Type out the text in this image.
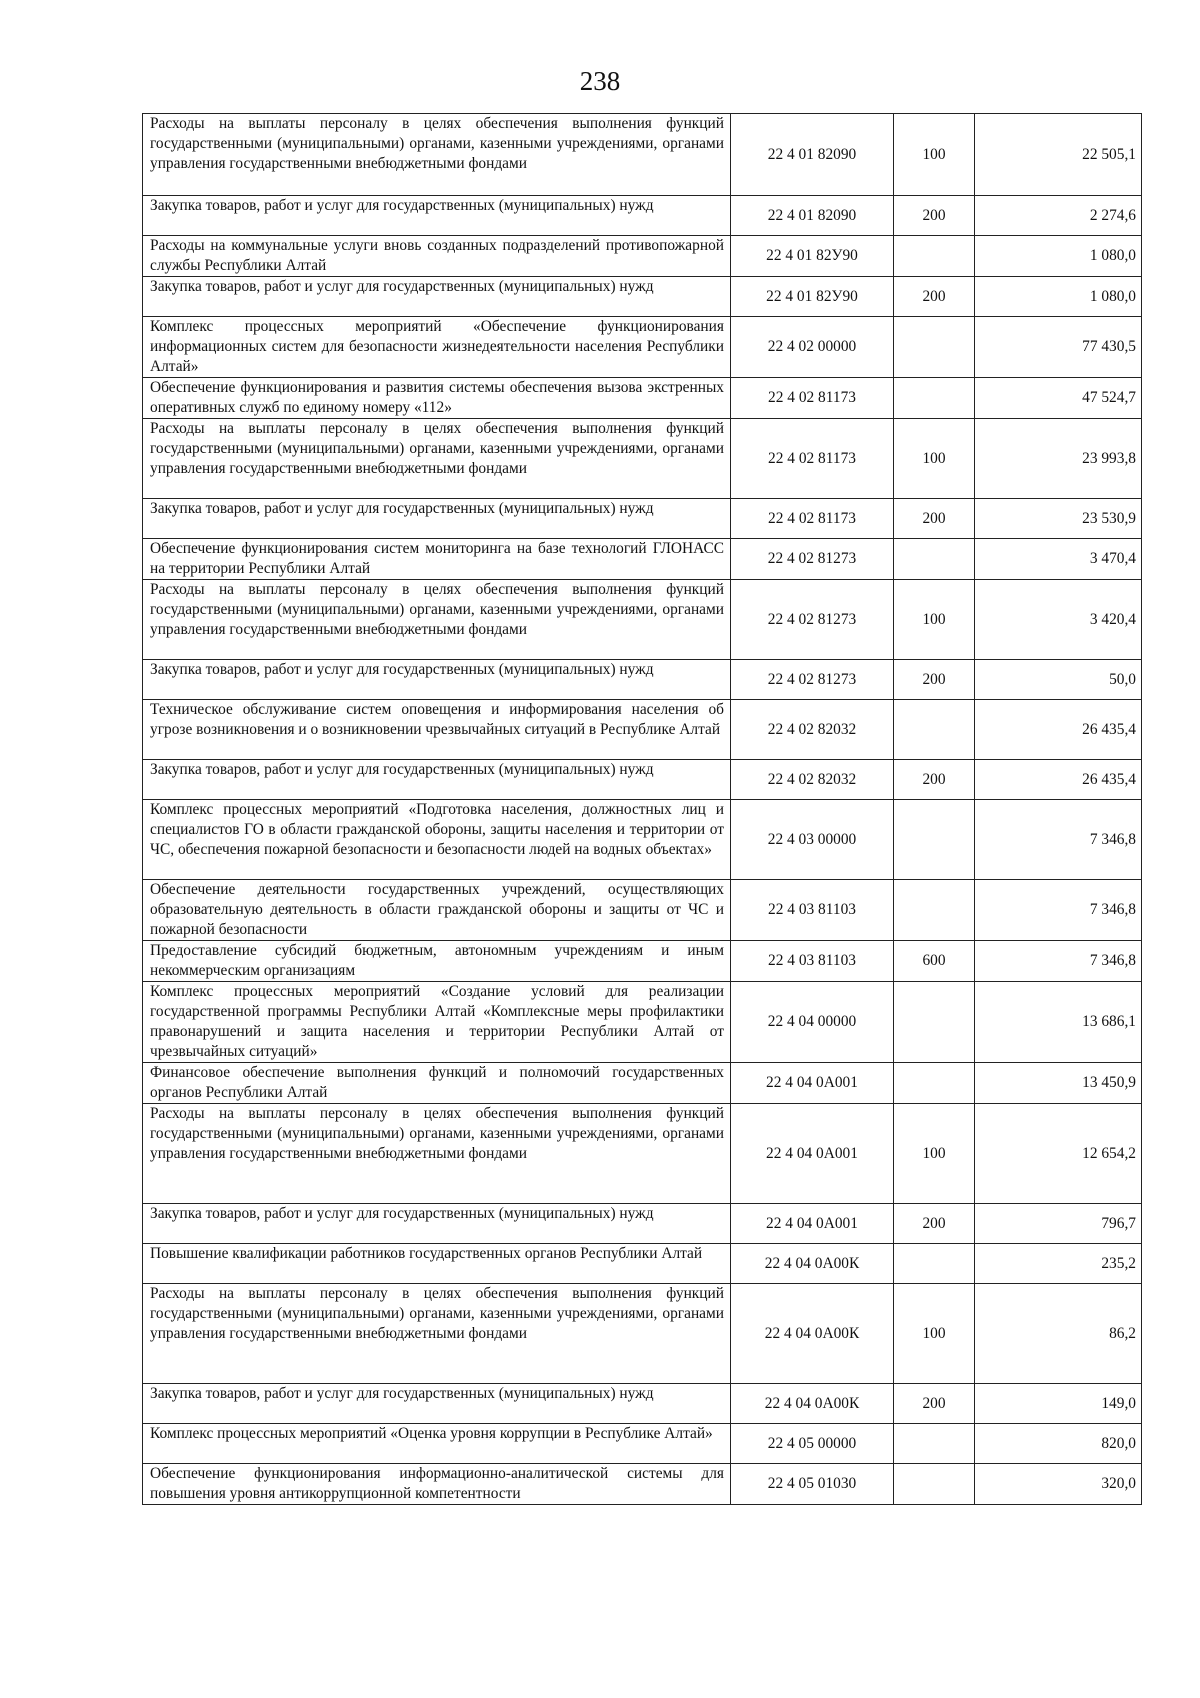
238
Расходы на выплаты персоналу в целях обеспечения выполнения функций государственными (муниципальными) органами, казенными учреждениями, органами управления государственными внебюджетными фондами	22 4 01 82090	100	22 505,1
Закупка товаров, работ и услуг для государственных (муниципальных) нужд	22 4 01 82090	200	2 274,6
Расходы на коммунальные услуги вновь созданных подразделений противопожарной службы Республики Алтай	22 4 01 82У90		1 080,0
Закупка товаров, работ и услуг для государственных (муниципальных) нужд	22 4 01 82У90	200	1 080,0
Комплекс процессных мероприятий «Обеспечение функционирования информационных систем для безопасности жизнедеятельности населения Республики Алтай»	22 4 02 00000		77 430,5
Обеспечение функционирования и развития системы обеспечения вызова экстренных оперативных служб по единому номеру «112»	22 4 02 81173		47 524,7
Расходы на выплаты персоналу в целях обеспечения выполнения функций государственными (муниципальными) органами, казенными учреждениями, органами управления государственными внебюджетными фондами	22 4 02 81173	100	23 993,8
Закупка товаров, работ и услуг для государственных (муниципальных) нужд	22 4 02 81173	200	23 530,9
Обеспечение функционирования систем мониторинга на базе технологий ГЛОНАСС на территории Республики Алтай	22 4 02 81273		3 470,4
Расходы на выплаты персоналу в целях обеспечения выполнения функций государственными (муниципальными) органами, казенными учреждениями, органами управления государственными внебюджетными фондами	22 4 02 81273	100	3 420,4
Закупка товаров, работ и услуг для государственных (муниципальных) нужд	22 4 02 81273	200	50,0
Техническое обслуживание систем оповещения и информирования населения об угрозе возникновения и о возникновении чрезвычайных ситуаций в Республике Алтай	22 4 02 82032		26 435,4
Закупка товаров, работ и услуг для государственных (муниципальных) нужд	22 4 02 82032	200	26 435,4
Комплекс процессных мероприятий «Подготовка населения, должностных лиц и специалистов ГО в области гражданской обороны, защиты населения и территории от ЧС, обеспечения пожарной безопасности и безопасности людей на водных объектах»	22 4 03 00000		7 346,8
Обеспечение деятельности государственных учреждений, осуществляющих образовательную деятельность в области гражданской обороны и защиты от ЧС и пожарной безопасности	22 4 03 81103		7 346,8
Предоставление субсидий бюджетным, автономным учреждениям и иным некоммерческим организациям	22 4 03 81103	600	7 346,8
Комплекс процессных мероприятий «Создание условий для реализации государственной программы Республики Алтай «Комплексные меры профилактики правонарушений и защита населения и территории Республики Алтай от чрезвычайных ситуаций»	22 4 04 00000		13 686,1
Финансовое обеспечение выполнения функций и полномочий государственных органов Республики Алтай	22 4 04 0А001		13 450,9
Расходы на выплаты персоналу в целях обеспечения выполнения функций государственными (муниципальными) органами, казенными учреждениями, органами управления государственными внебюджетными фондами	22 4 04 0А001	100	12 654,2
Закупка товаров, работ и услуг для государственных (муниципальных) нужд	22 4 04 0А001	200	796,7
Повышение квалификации работников государственных органов Республики Алтай	22 4 04 0А00К		235,2
Расходы на выплаты персоналу в целях обеспечения выполнения функций государственными (муниципальными) органами, казенными учреждениями, органами управления государственными внебюджетными фондами	22 4 04 0А00К	100	86,2
Закупка товаров, работ и услуг для государственных (муниципальных) нужд	22 4 04 0А00К	200	149,0
Комплекс процессных мероприятий «Оценка уровня коррупции в Республике Алтай»	22 4 05 00000		820,0
Обеспечение функционирования информационно-аналитической системы для повышения уровня антикоррупционной компетентности	22 4 05 01030		320,0
